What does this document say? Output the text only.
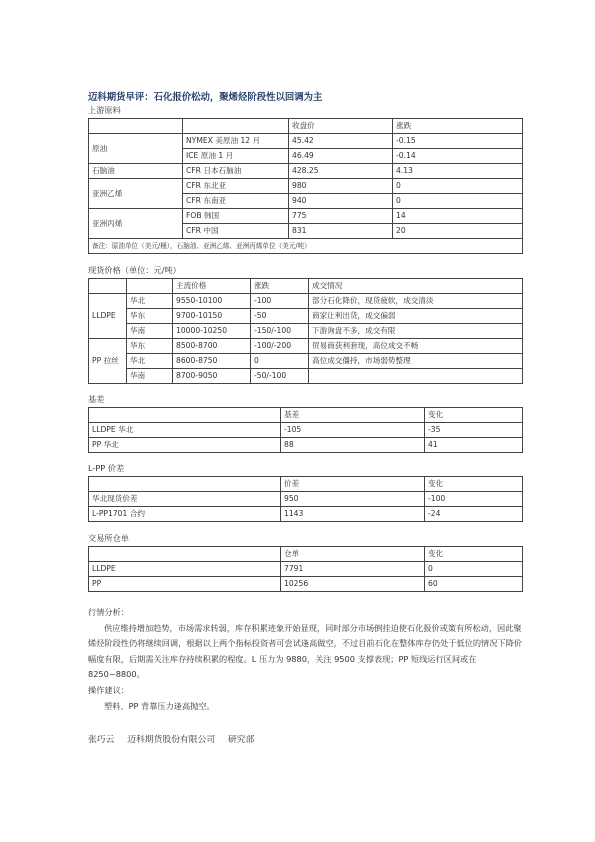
迈科期货早评：石化报价松动，聚烯烃阶段性以回调为主
上游原料
		收盘价	涨跌
原油	NYMEX 美原油 12 月	45.42	-0.15
	ICE 原油 1 月	46.49	-0.14
石脑油	CFR 日本石脑油	428.25	4.13
亚洲乙烯	CFR 东北亚	980	0
	CFR 东南亚	940	0
亚洲丙烯	FOB 韩国	775	14
	CFR 中国	831	20
备注：原油单位（美元/桶），石脑油、亚洲乙烯、亚洲丙烯单位（美元/吨）			
现货价格（单位：元/吨）
		主流价格	涨跌	成交情况
LLDPE	华北	9550-10100	-100	部分石化降价，现货疲软，成交清淡
	华东	9700-10150	-50	商家让利出货，成交偏弱
	华南	10000-10250	-150/-100	下游询盘不多，成交有限
PP 拉丝	华东	8500-8700	-100/-200	贸易商获利套现，高位成交不畅
	华北	8600-8750	0	高位成交僵持，市场弱势整理
	华南	8700-9050	-50/-100	
基差
	基差	变化
LLDPE 华北	-105	-35
PP 华北	88	41
L-PP 价差
	价差	变化
华北现货价差	950	-100
L-PP1701 合约	1143	-24
交易所仓单
	仓单	变化
LLDPE	7791	0
PP	10256	60

行情分析：

供应维持增加趋势，市场需求转弱，库存积累迹象开始显现，同时部分市场倒挂迫使石化报价或策有所松动，因此聚烯烃阶段性仍将继续回调，根据以上两个指标投资者可尝试逢高做空，不过目前石化在整体库存仍处于低位的情况下降价幅度有限，后期需关注库存持续积累的程度。L 压力为 9880，关注 9500 支撑表现；PP 短线运行区间或在 8250~8800。

操作建议：

塑料、PP 背靠压力逢高抛空。

张巧云 迈科期货股份有限公司 研究部
